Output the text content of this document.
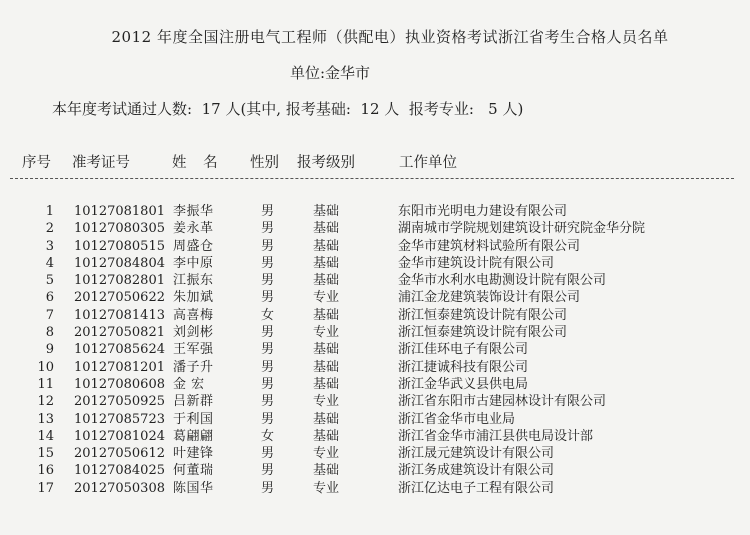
2012 年度全国注册电气工程师（供配电）执业资格考试浙江省考生合格人员名单
单位:金华市
本年度考试通过人数:  17 人(其中, 报考基础:  12 人  报考专业:   5 人)
序号 准考证号	姓 名 性别 报考级别	工作单位
1 10127081801 李振华	男	基础	东阳市光明电力建设有限公司
2 10127080305 姜永革	男	基础	湖南城市学院规划建筑设计研究院金华分院
3 10127080515 周盛仓	男	基础	金华市建筑材料试验所有限公司
4 10127084804 李中原	男	基础	金华市建筑设计院有限公司
5 10127082801 江振东	男	基础	金华市水利水电勘测设计院有限公司
6 20127050622 朱加斌	男	专业	浦江金龙建筑装饰设计有限公司
7 10127081413 高喜梅	女	基础	浙江恒泰建筑设计院有限公司
8 20127050821 刘剑彬	男	专业	浙江恒泰建筑设计院有限公司
9 10127085624 王军强	男	基础	浙江佳环电子有限公司
10 10127081201 潘子升	男	基础	浙江捷诚科技有限公司
11 10127080608 金 宏	男	基础	浙江金华武义县供电局
12 20127050925 吕新群	男	专业	浙江省东阳市古建园林设计有限公司
13 10127085723 于利国	男	基础	浙江省金华市电业局
14 10127081024 葛翩翩	女	基础	浙江省金华市浦江县供电局设计部
15 20127050612 叶建锋	男	专业	浙江晟元建筑设计有限公司
16 10127084025 何董瑞	男	基础	浙江务成建筑设计有限公司
17 20127050308 陈国华	男	专业	浙江亿达电子工程有限公司
